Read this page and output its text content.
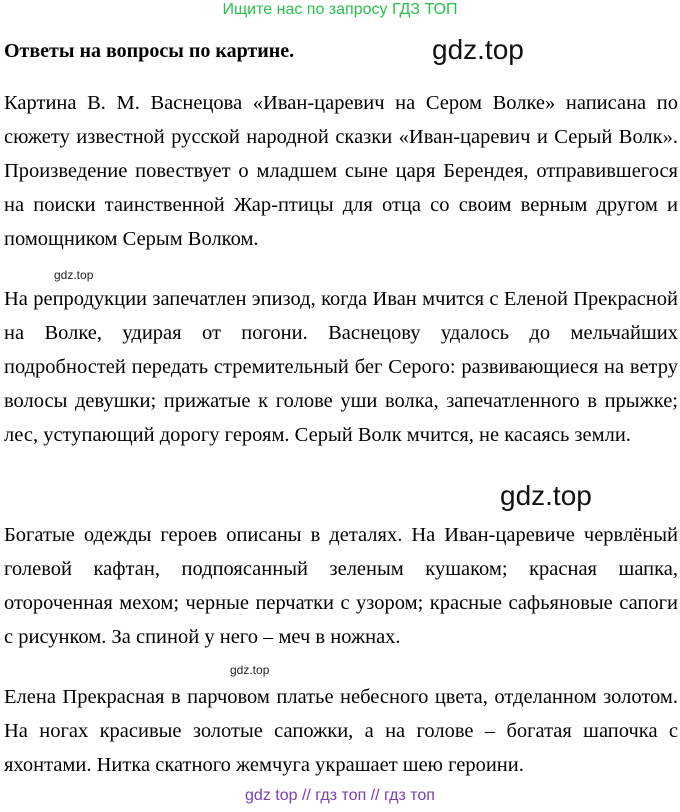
Ищите нас по запросу ГДЗ ТОП
Ответы на вопросы по картине.	gdz.top

Картина В. М. Васнецова «Иван-царевич на Сером Волке» написана по сюжету известной русской народной сказки «Иван-царевич и Серый Волк». Произведение повествует о младшем сыне царя Берендея, отправившегося на поиски таинственной Жар-птицы для отца со своим верным другом и помощником Серым Волком.

gdz.top

На репродукции запечатлен эпизод, когда Иван мчится с Еленой Прекрасной на Волке, удирая от погони. Васнецову удалось до мельчайших подробностей передать стремительный бег Серого: развивающиеся на ветру волосы девушки; прижатые к голове уши волка, запечатленного в прыжке; лес, уступающий дорогу героям. Серый Волк мчится, не касаясь земли.

gdz.top

Богатые одежды героев описаны в деталях. На Иван-царевиче червлёный голевой кафтан, подпоясанный зеленым кушаком; красная шапка, отороченная мехом; черные перчатки с узором; красные сафьяновые сапоги с рисунком. За спиной у него – меч в ножнах.

gdz.top

Елена Прекрасная в парчовом платье небесного цвета, отделанном золотом. На ногах красивые золотые сапожки, а на голове – богатая шапочка с яхонтами. Нитка скатного жемчуга украшает шею героини.

gdz top // гдз топ // гдз топ
